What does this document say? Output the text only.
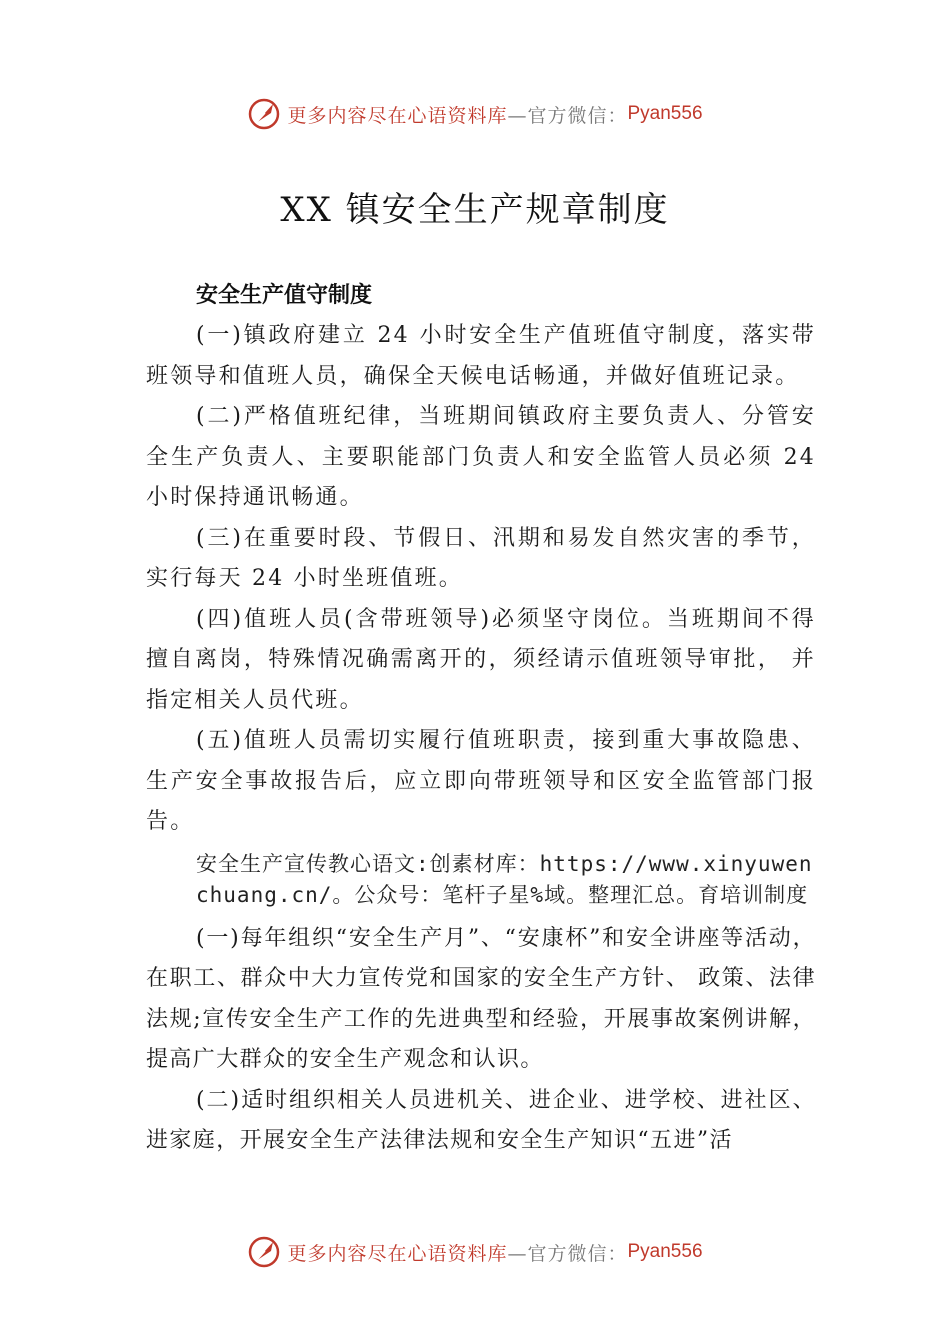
更多内容尽在心语资料库 —官方微信： Pyan556
XX 镇安全生产规章制度
安全生产值守制度

(一)镇政府建立 24 小时安全生产值班值守制度，落实带班领导和值班人员，确保全天候电话畅通，并做好值班记录。

(二)严格值班纪律，当班期间镇政府主要负责人、分管安全生产负责人、主要职能部门负责人和安全监管人员必须 24 小时保持通讯畅通。

(三)在重要时段、节假日、汛期和易发自然灾害的季节，实行每天 24 小时坐班值班。

(四)值班人员(含带班领导)必须坚守岗位。当班期间不得擅自离岗，特殊情况确需离开的，须经请示值班领导审批， 并指定相关人员代班。

(五)值班人员需切实履行值班职责，接到重大事故隐患、生产安全事故报告后，应立即向带班领导和区安全监管部门报告。

安全生产宣传教心语文:创素材库：https://www.xinyuwenchuang.cn/。公众号：笔杆子星%域。整理汇总。育培训制度

(一)每年组织“安全生产月”、“安康杯”和安全讲座等活动，在职工、群众中大力宣传党和国家的安全生产方针、 政策、法律法规;宣传安全生产工作的先进典型和经验，开展事故案例讲解，提高广大群众的安全生产观念和认识。

(二)适时组织相关人员进机关、进企业、进学校、进社区、进家庭，开展安全生产法律法规和安全生产知识“五进”活

更多内容尽在心语资料库 —官方微信： Pyan556
